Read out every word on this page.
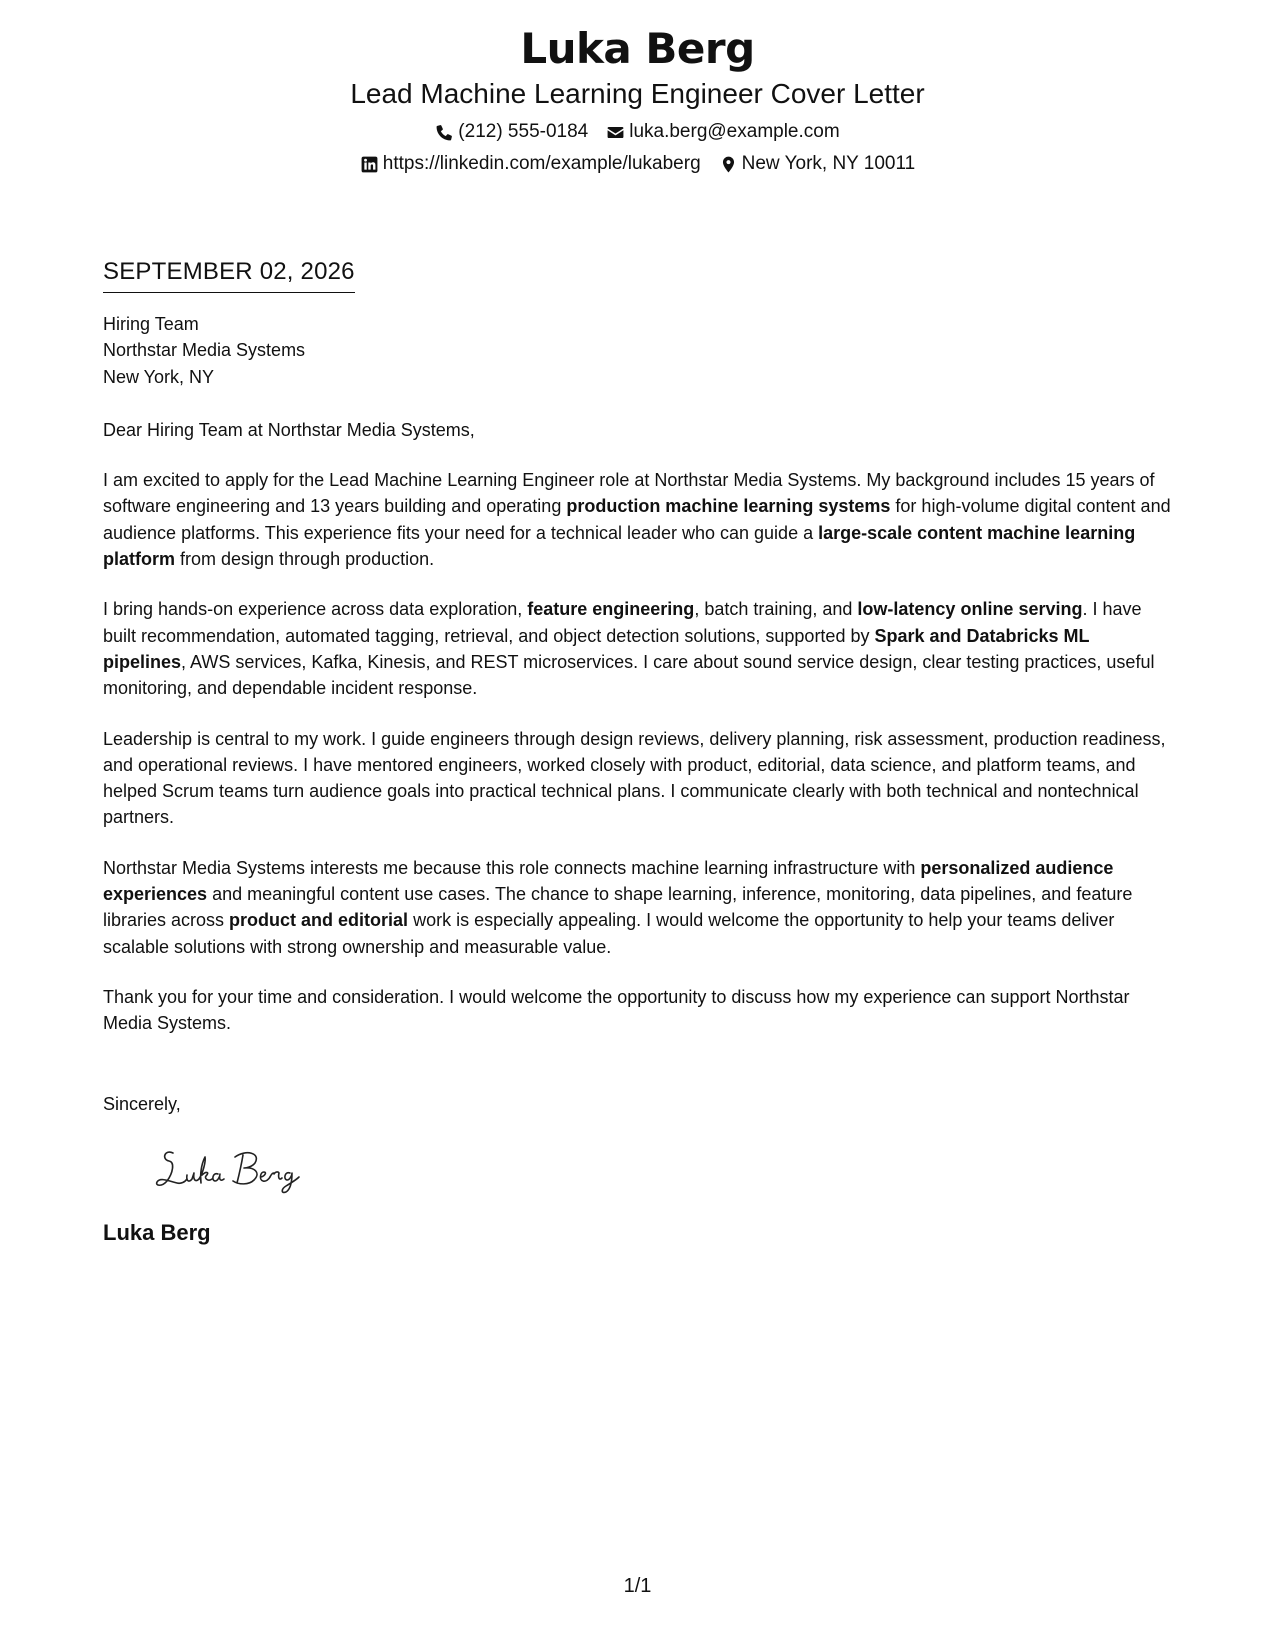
Luka Berg
Lead Machine Learning Engineer Cover Letter
(212) 555-0184 luka.berg@example.com
https://linkedin.com/example/lukaberg New York, NY 10011
SEPTEMBER 02, 2026
Hiring Team
Northstar Media Systems
New York, NY
Dear Hiring Team at Northstar Media Systems,

I am excited to apply for the Lead Machine Learning Engineer role at Northstar Media Systems. My background includes 15 years of software engineering and 13 years building and operating production machine learning systems for high-volume digital content and audience platforms. This experience fits your need for a technical leader who can guide a large-scale content machine learning platform from design through production.

I bring hands-on experience across data exploration, feature engineering, batch training, and low-latency online serving. I have built recommendation, automated tagging, retrieval, and object detection solutions, supported by Spark and Databricks ML pipelines, AWS services, Kafka, Kinesis, and REST microservices. I care about sound service design, clear testing practices, useful monitoring, and dependable incident response.

Leadership is central to my work. I guide engineers through design reviews, delivery planning, risk assessment, production readiness, and operational reviews. I have mentored engineers, worked closely with product, editorial, data science, and platform teams, and helped Scrum teams turn audience goals into practical technical plans. I communicate clearly with both technical and nontechnical partners.

Northstar Media Systems interests me because this role connects machine learning infrastructure with personalized audience experiences and meaningful content use cases. The chance to shape learning, inference, monitoring, data pipelines, and feature libraries across product and editorial work is especially appealing. I would welcome the opportunity to help your teams deliver scalable solutions with strong ownership and measurable value.

Thank you for your time and consideration. I would welcome the opportunity to discuss how my experience can support Northstar Media Systems.

Sincerely,
Luka Berg
1/1
